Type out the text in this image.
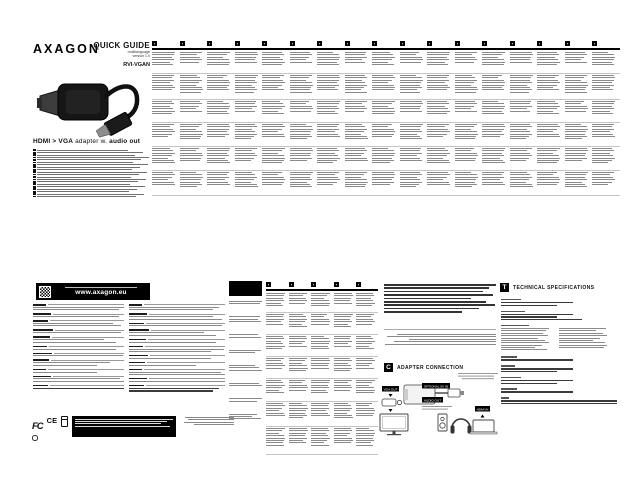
AXAGON
QUICK GUIDE
multilanguage
version 1.0
RVI-VGAN
HDMI > VGA adapter w. audio out
www.axagon.eu
FC
CE
C	ADAPTER CONNECTION
VGA OUT
OPTIONAL 5V IN
AUDIO OUT
HDMI IN
T	TECHNICAL SPECIFICATIONS
